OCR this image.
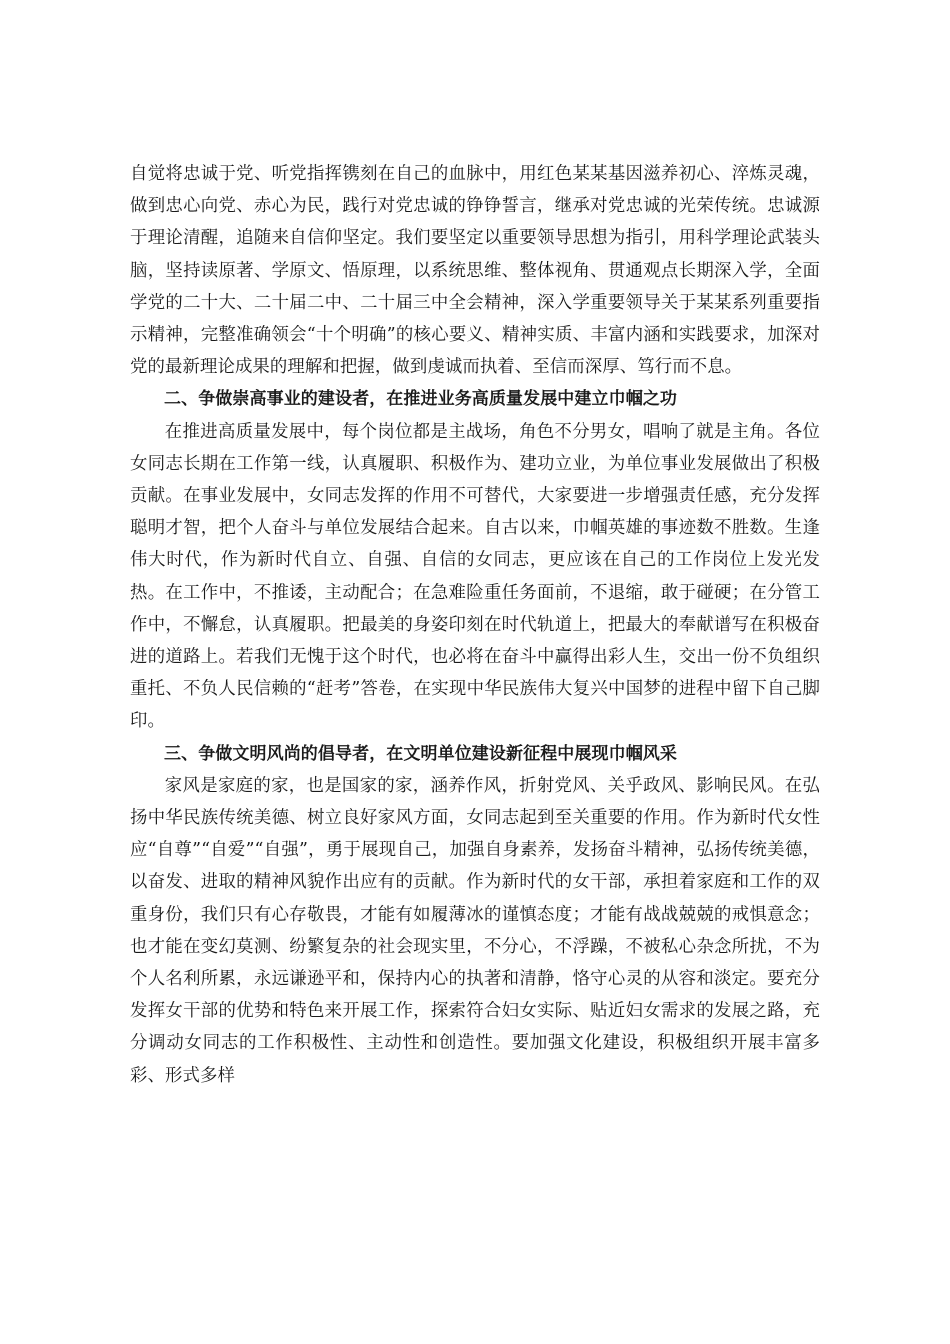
自觉将忠诚于党、听党指挥镌刻在自己的血脉中，用红色某某基因滋养初心、淬炼灵魂，做到忠心向党、赤心为民，践行对党忠诚的铮铮誓言，继承对党忠诚的光荣传统。忠诚源于理论清醒，追随来自信仰坚定。我们要坚定以重要领导思想为指引，用科学理论武装头脑，坚持读原著、学原文、悟原理，以系统思维、整体视角、贯通观点长期深入学，全面学党的二十大、二十届二中、二十届三中全会精神，深入学重要领导关于某某系列重要指示精神，完整准确领会“十个明确”的核心要义、精神实质、丰富内涵和实践要求，加深对党的最新理论成果的理解和把握，做到虔诚而执着、至信而深厚、笃行而不息。

二、争做崇高事业的建设者，在推进业务高质量发展中建立巾帼之功

在推进高质量发展中，每个岗位都是主战场，角色不分男女，唱响了就是主角。各位女同志长期在工作第一线，认真履职、积极作为、建功立业，为单位事业发展做出了积极贡献。在事业发展中，女同志发挥的作用不可替代，大家要进一步增强责任感，充分发挥聪明才智，把个人奋斗与单位发展结合起来。自古以来，巾帼英雄的事迹数不胜数。生逢伟大时代，作为新时代自立、自强、自信的女同志，更应该在自己的工作岗位上发光发热。在工作中，不推诿，主动配合；在急难险重任务面前，不退缩，敢于碰硬；在分管工作中，不懈怠，认真履职。把最美的身姿印刻在时代轨道上，把最大的奉献谱写在积极奋进的道路上。若我们无愧于这个时代，也必将在奋斗中赢得出彩人生，交出一份不负组织重托、不负人民信赖的“赶考”答卷，在实现中华民族伟大复兴中国梦的进程中留下自己脚印。

三、争做文明风尚的倡导者，在文明单位建设新征程中展现巾帼风采

家风是家庭的家，也是国家的家，涵养作风，折射党风、关乎政风、影响民风。在弘扬中华民族传统美德、树立良好家风方面，女同志起到至关重要的作用。作为新时代女性应“自尊”“自爱”“自强”，勇于展现自己，加强自身素养，发扬奋斗精神，弘扬传统美德，以奋发、进取的精神风貌作出应有的贡献。作为新时代的女干部，承担着家庭和工作的双重身份，我们只有心存敬畏，才能有如履薄冰的谨慎态度；才能有战战兢兢的戒惧意念；也才能在变幻莫测、纷繁复杂的社会现实里，不分心，不浮躁，不被私心杂念所扰，不为个人名利所累，永远谦逊平和，保持内心的执著和清静，恪守心灵的从容和淡定。要充分发挥女干部的优势和特色来开展工作，探索符合妇女实际、贴近妇女需求的发展之路，充分调动女同志的工作积极性、主动性和创造性。要加强文化建设，积极组织开展丰富多彩、形式多样
